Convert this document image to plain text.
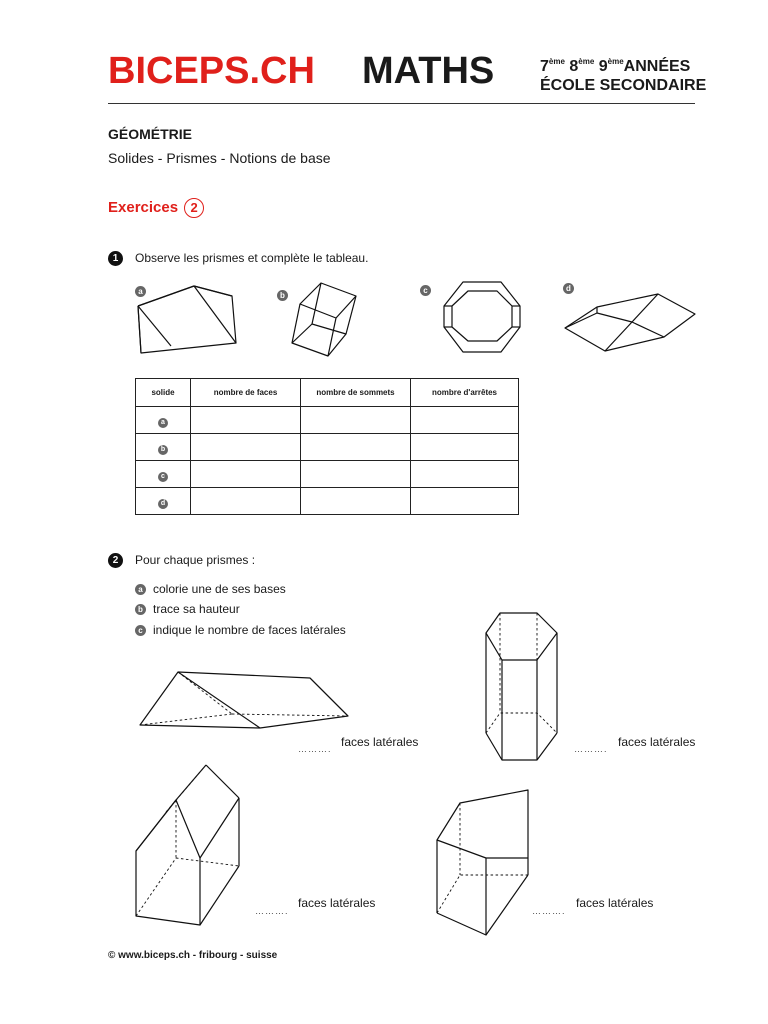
BICEPS.CH MATHS	7ème 8ème 9èmeANNÉES
ÉCOLE SECONDAIRE
GÉOMÉTRIE
Solides - Prismes - Notions de base
Exercices 2
1	Observe les prismes et complète le tableau.
a	b
c	d
solide	nombre de faces	nombre de sommets	nombre d'arrêtes
a			
b			
c			
d			
2	Pour chaque prismes :
a colorie une de ses bases
b trace sa hauteur
c indique le nombre de faces latérales
………. faces latérales	………. faces latérales
……….
faces latérales
……….
faces latérales
© www.biceps.ch - fribourg - suisse
